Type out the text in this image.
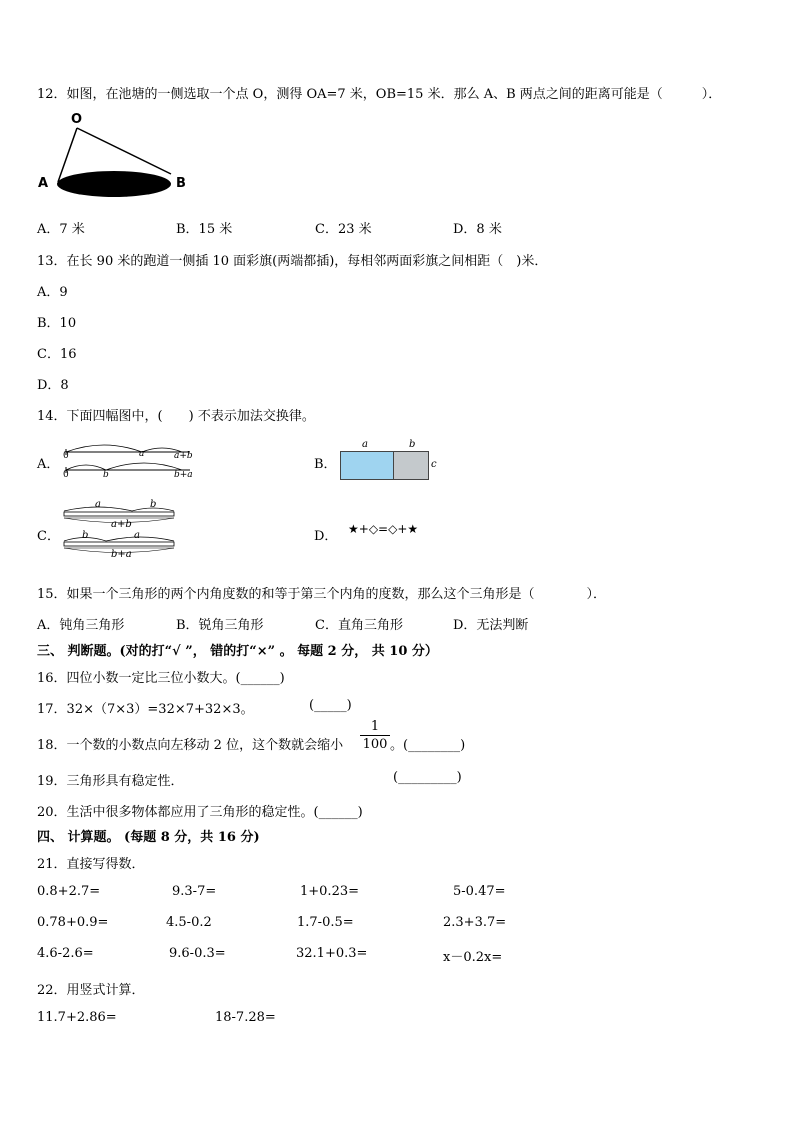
12．如图，在池塘的一侧选取一个点 O，测得 OA=7 米，OB=15 米．那么 A、B 两点之间的距离可能是（　　　）．
O
A	B
A．7 米	B．15 米	C．23 米	D．8 米
13．在长 90 米的跑道一侧插 10 面彩旗(两端都插)，每相邻两面彩旗之间相距（　)米．
A．9
B．10
C．16
D．8
14．下面四幅图中，(　　) 不表示加法交换律。
A．
0	a	a+b
0	b	b+a
B．
a	b
c
C．
a	b
a+b
b	a
b+a
D． ★+◇=◇+★
15．如果一个三角形的两个内角度数的和等于第三个内角的度数，那么这个三角形是（　　　　）．
A．钝角三角形	B．锐角三角形	C．直角三角形	D．无法判断
三、 判断题。(对的打“√ ”， 错的打“×” 。 每题 2 分， 共 10 分）
16．四位小数一定比三位小数大。(______)
17．32×（7×3）=32×7+32×3。	(_____)
18．一个数的小数点向左移动 2 位，这个数就会缩小
1
100 。(________)
19．三角形具有稳定性．	(_________)
20．生活中很多物体都应用了三角形的稳定性。(______)
四、 计算题。 (每题 8 分，共 16 分)
21．直接写得数．
0.8+2.7=	9.3-7=	1+0.23=	5-0.47=
0.78+0.9=	4.5-0.2	1.7-0.5=	2.3+3.7=
4.6-2.6=	9.6-0.3=	32.1+0.3=	x－0.2x=
22．用竖式计算．
11.7+2.86=	18-7.28=
